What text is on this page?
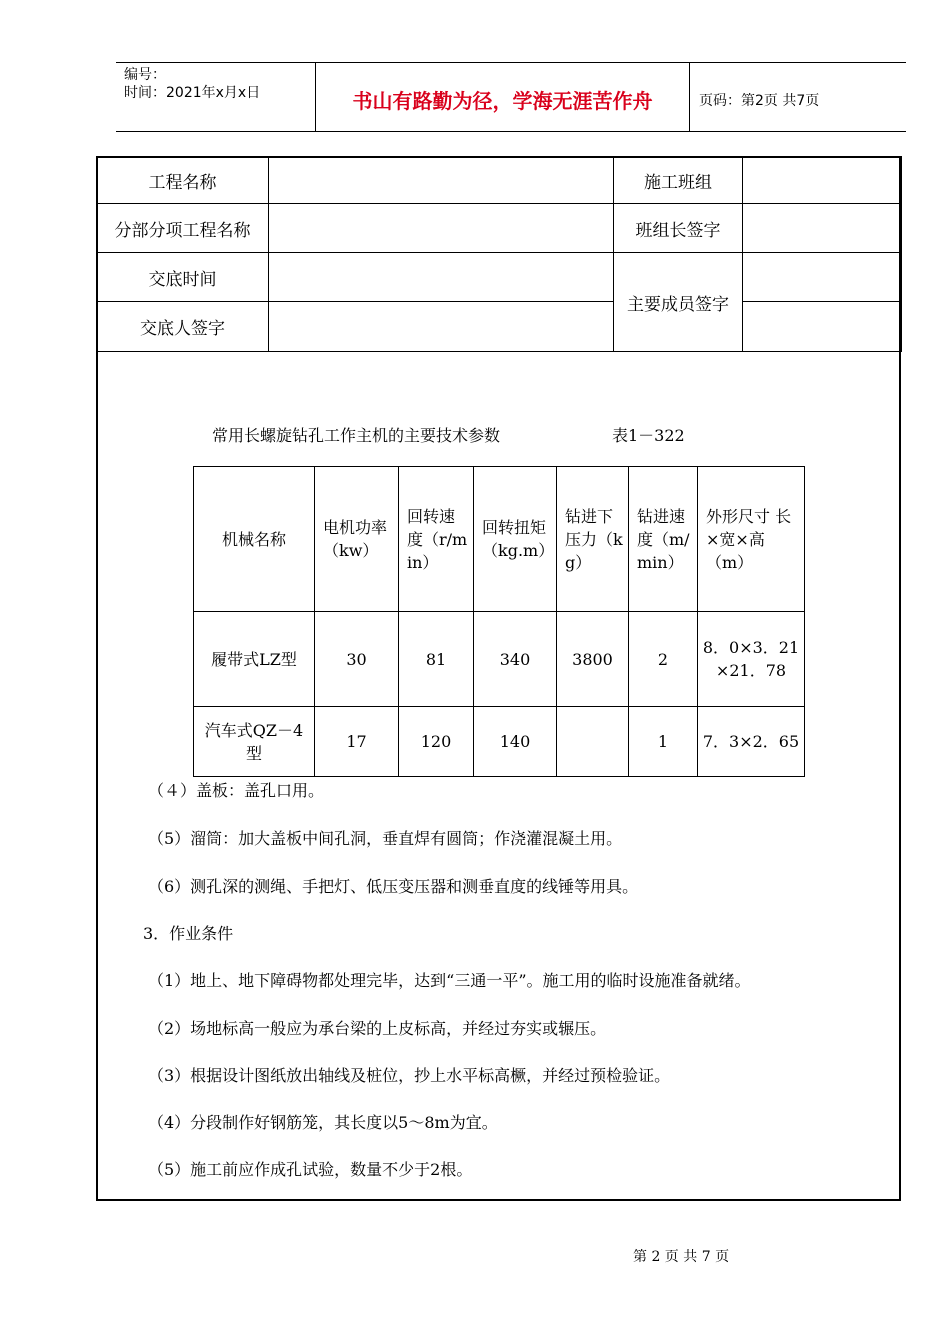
编号：
时间：2021年x月x日	书山有路勤为径，学海无涯苦作舟	页码：第2页 共7页
工程名称		施工班组	
分部分项工程名称		班组长签字	
交底时间		主要成员签字	
交底人签字			
常用长螺旋钻孔工作主机的主要技术参数	表1－322
机械名称	电机功率（kw）	回转速度（r/min）	回转扭矩（kg.m）	钻进下压力（kg）	钻进速度（m/min）	外形尺寸 长×宽×高（m）
履带式LZ型	30	81	340	3800	2	8．0×3．21×21．78
汽车式QZ－4型	17	120	140		1	7．3×2．65
（４）盖板：盖孔口用。
（5）溜筒：加大盖板中间孔洞，垂直焊有圆筒；作浇灌混凝土用。
（6）测孔深的测绳、手把灯、低压变压器和测垂直度的线锤等用具。
3．作业条件
（1）地上、地下障碍物都处理完毕，达到“三通一平”。施工用的临时设施准备就绪。
（2）场地标高一般应为承台梁的上皮标高，并经过夯实或辗压。
（3）根据设计图纸放出轴线及桩位，抄上水平标高橛，并经过预检验证。
（4）分段制作好钢筋笼，其长度以5～8m为宜。
（5）施工前应作成孔试验，数量不少于2根。
第 2 页 共 7 页
